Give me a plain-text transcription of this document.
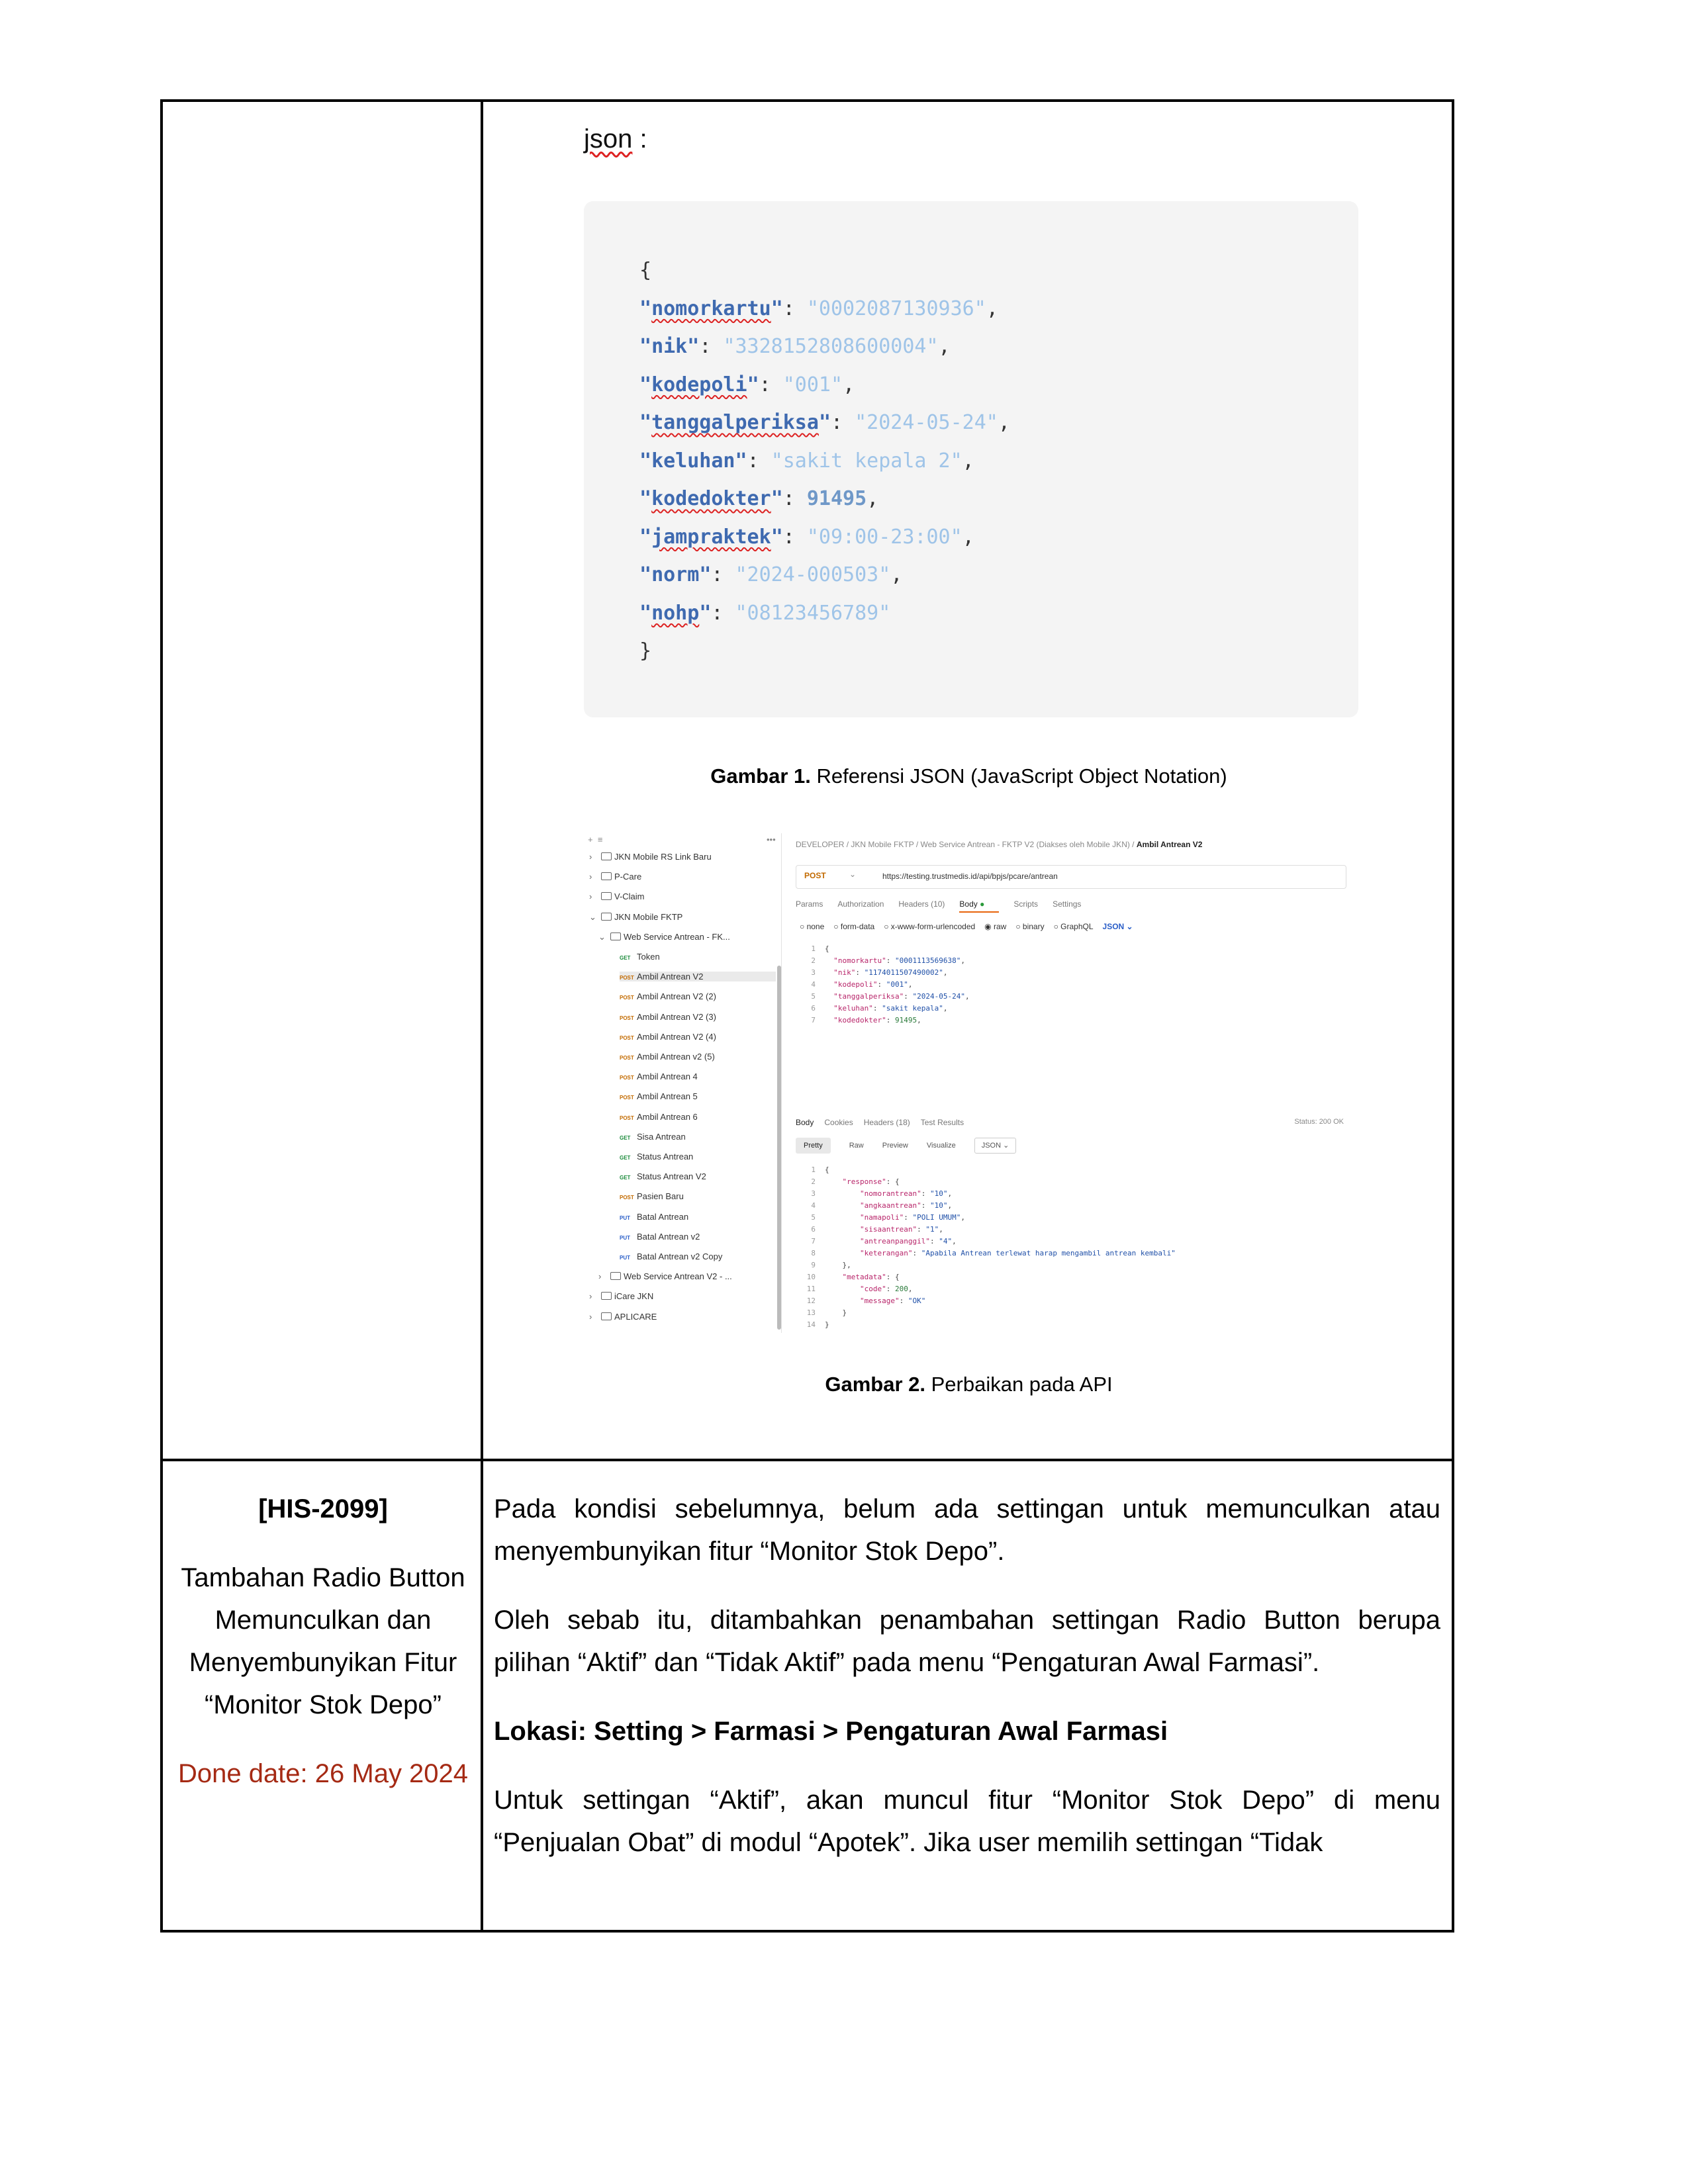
json :
{
"nomorkartu": "0002087130936",
"nik": "3328152808600004",
"kodepoli": "001",
"tanggalperiksa": "2024-05-24",
"keluhan": "sakit kepala 2",
"kodedokter": 91495,
"jampraktek": "09:00-23:00",
"norm": "2024-000503",
"nohp": "08123456789"
}
Gambar 1. Referensi JSON (JavaScript Object Notation)
+  ≡	•••
›	JKN Mobile RS Link Baru
›	P-Care
›	V-Claim
⌄ JKN Mobile FKTP
⌄ Web Service Antrean - FK...
GET Token
POST Ambil Antrean V2
POST Ambil Antrean V2 (2)
POST Ambil Antrean V2 (3)
POST Ambil Antrean V2 (4)
POST Ambil Antrean v2 (5)
POST Ambil Antrean 4
POST Ambil Antrean 5
POST Ambil Antrean 6
GET Sisa Antrean
GET Status Antrean
GET Status Antrean V2
POST Pasien Baru
PUT Batal Antrean
PUT Batal Antrean v2
PUT Batal Antrean v2 Copy
›	Web Service Antrean V2 - ...
›	iCare JKN
›	APLICARE
DEVELOPER / JKN Mobile FKTP / Web Service Antrean - FKTP V2 (Diakses oleh Mobile JKN) / Ambil Antrean V2
POST	⌄	https://testing.trustmedis.id/api/bpjs/pcare/antrean
Params Authorization Headers (10) Body ●	Scripts Settings
○ none ○ form-data ○ x-www-form-urlencoded ◉ raw ○ binary ○ GraphQL JSON ⌄
1 {
2 "nomorkartu": "0001113569638",
3 "nik": "1174011507490002",
4 "kodepoli": "001",
5 "tanggalperiksa": "2024-05-24",
6 "keluhan": "sakit kepala",
7 "kodedokter": 91495,
Body Cookies Headers (18) Test Results	Status: 200 OK
Pretty	Raw	Preview	Visualize	JSON ⌄
1 {
2	"response": {
3	"nomorantrean": "10",
4	"angkaantrean": "10",
5	"namapoli": "POLI UMUM",
6	"sisaantrean": "1",
7	"antreanpanggil": "4",
8	"keterangan": "Apabila Antrean terlewat harap mengambil antrean kembali"
9    },
10	"metadata": {
11	"code": 200,
12	"message": "OK"
13    }
14 }
Gambar 2. Perbaikan pada API
[HIS-2099]
Tambahan Radio Button Memunculkan dan Menyembunyikan Fitur “Monitor Stok Depo”
Done date: 26 May 2024

Pada kondisi sebelumnya, belum ada settingan untuk memunculkan atau menyembunyikan fitur “Monitor Stok Depo”.

Oleh sebab itu, ditambahkan penambahan settingan Radio Button berupa pilihan “Aktif” dan “Tidak Aktif” pada menu “Pengaturan Awal Farmasi”.

Lokasi: Setting > Farmasi > Pengaturan Awal Farmasi

Untuk settingan “Aktif”, akan muncul fitur “Monitor Stok Depo” di menu “Penjualan Obat” di modul “Apotek”. Jika user memilih settingan “Tidak
